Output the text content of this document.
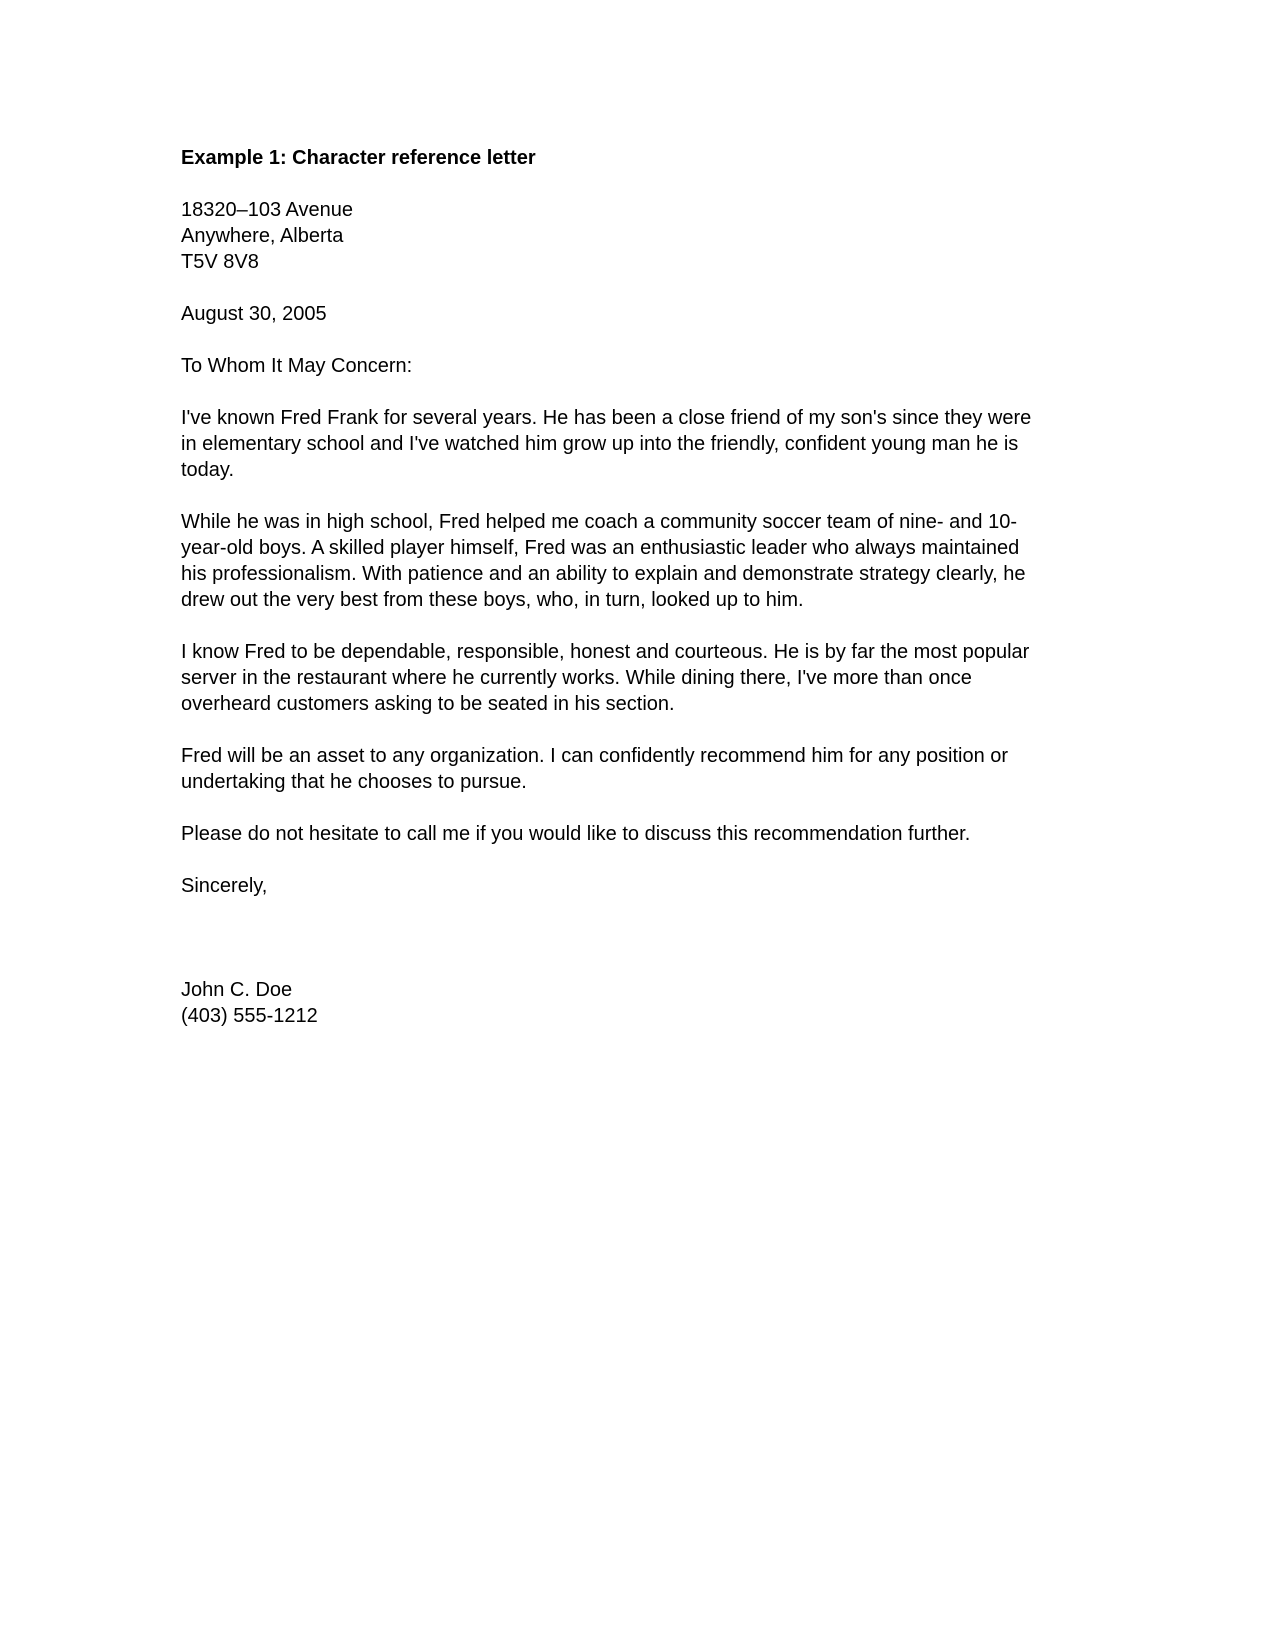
Example 1: Character reference letter
18320–103 Avenue
Anywhere, Alberta
T5V 8V8
August 30, 2005
To Whom It May Concern:

I've known Fred Frank for several years. He has been a close friend of my son's since they were in elementary school and I've watched him grow up into the friendly, confident young man he is today.

While he was in high school, Fred helped me coach a community soccer team of nine- and 10-year-old boys. A skilled player himself, Fred was an enthusiastic leader who always maintained his professionalism. With patience and an ability to explain and demonstrate strategy clearly, he drew out the very best from these boys, who, in turn, looked up to him.

I know Fred to be dependable, responsible, honest and courteous. He is by far the most popular server in the restaurant where he currently works. While dining there, I've more than once overheard customers asking to be seated in his section.

Fred will be an asset to any organization. I can confidently recommend him for any position or undertaking that he chooses to pursue.

Please do not hesitate to call me if you would like to discuss this recommendation further.

Sincerely,
John C. Doe
(403) 555-1212
